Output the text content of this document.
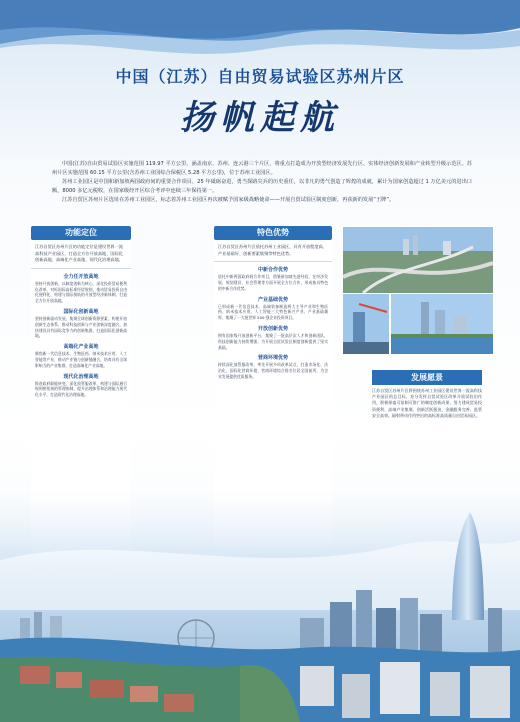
中国（江苏）自由贸易试验区苏州片区
扬帆起航

中国(江苏)自由贸易试验区实施范围 119.97 平方公里，涵盖南京、苏州、连云港三个片区，将重点打造成为开放型经济发展先行区、实体经济创新发展和产业转型升级示范区。苏州片区实施范围 60.15 平方公里(含苏州工业园综合保税区 5.28 平方公里)，位于苏州工业园区。

苏州工业园区是中国和新加坡两国政府间的重要合作项目，25 年砥砺奋进，勇当探路尖兵的历史重任，以非凡的勇气创造了辉煌的成就，累计为国家创造超过 1 万亿美元的进出口额，8000 多亿元税收，在国家级经开区综合考评中连续三年保持第一。

江苏自贸区苏州片区选址在苏州工业园区，标志着苏州工业园区再次被赋予国家级战略使命——开展自贸试验区制度创新，再获新的发展“王牌”。

功能定位
江苏自贸区苏州片区的功能定位是建设世界一流高科技产业园区，打造全方位开放高地、国际化创新高地、高端化产业高地、现代化治理高地。
全力任开放高地
坚持开放创新，以制度创新为核心，深化投资贸易便利化改革，对标国际高标准经贸规则，推动贸易投资自由化便利化，构建与国际接轨的开放型经济新体制，打造全方位开放高地。
国际化创新高地
坚持创新驱动发展，集聚全球创新资源要素，构建开放创新生态体系，推动科技创新与产业创新深度融合，加快建设具有国际竞争力的创新集群，打造国际化创新高地。
高端化产业高地
聚焦新一代信息技术、生物医药、纳米技术应用、人工智能等产业，推动产业链与创新链融合，培育具有全球影响力的产业集群，打造高端化产业高地。
现代化治理高地
推进政府职能转变，深化放管服改革，构建与国际通行规则相衔接的管理体制，提升治理体系和治理能力现代化水平，打造现代化治理高地。
特色优势
江苏自贸区苏州片区依托苏州工业园区，具有开放程度高、产业基础好、创新要素集聚等特色优势。
中新合作优势
依托中新两国政府间合作项目，借鉴新加坡先进经验，在经济发展、规划建设、社会管理等方面开展全方位合作，形成独具特色的中新合作优势。
产业基础优势
已形成新一代信息技术、高端装备制造两大主导产业和生物医药、纳米技术应用、人工智能三大特色新兴产业，产业基础雄厚，集聚了一大批世界 500 强企业投资项目。
开放创新优势
拥有国家级开放创新平台，集聚了一批高层次人才和创新团队，科技创新能力持续增强，为开展自贸试验区制度创新提供了坚实基础。
营商环境优势
持续深化放管服改革，率先开展多项改革试点，打造市场化、法治化、国际化营商环境，营商环境综合排名位居全国前列，为企业发展提供优质服务。	发展愿景
江苏自贸区苏州片区将围绕苏州工业园区建设世界一流高科技产业园区的总目标，充分发挥自贸试验区改革开放试验田作用，积极探索可复制可推广的制度创新成果，努力建成贸易投资便利、高端产业集聚、创新活跃强劲、金融服务完善、监管安全高效、辐射带动作用突出的高标准高质量自由贸易园区。
